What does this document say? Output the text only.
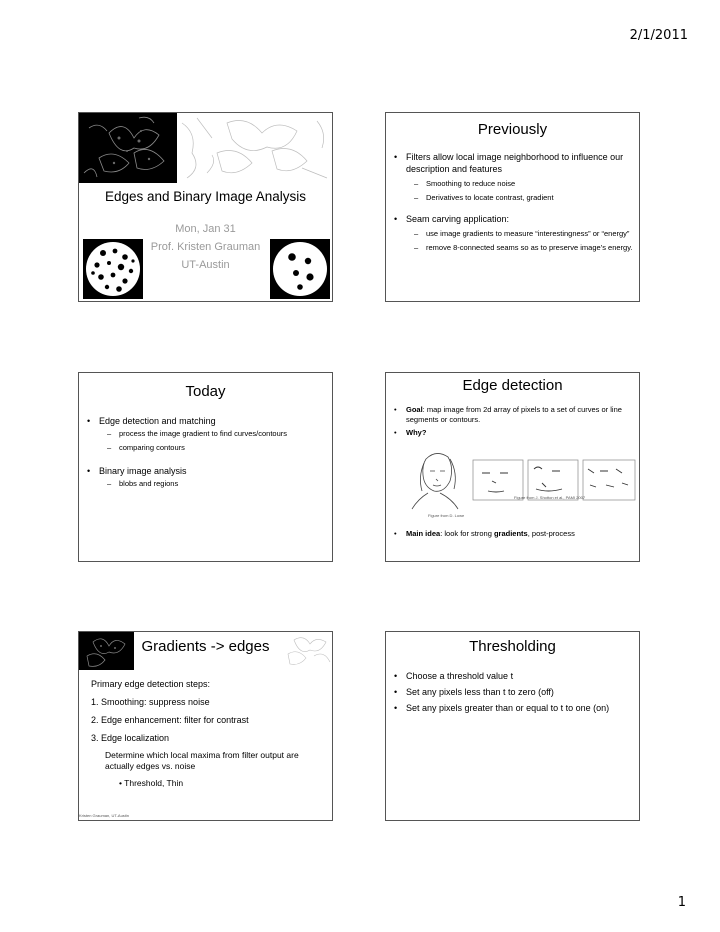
2/1/2011
Edges and Binary Image Analysis
Mon, Jan 31
Prof. Kristen Grauman
UT-Austin
Previously
• Filters allow local image neighborhood to influence our description and features
– Smoothing to reduce noise
– Derivatives to locate contrast, gradient
• Seam carving application:
– use image gradients to measure “interestingness” or “energy”
– remove 8-connected seams so as to preserve image’s energy.
Today
• Edge detection and matching
– process the image gradient to find curves/contours
– comparing contours
• Binary image analysis
– blobs and regions
Edge detection
• Goal: map image from 2d array of pixels to a set of curves or line segments or contours.
• Why?
Figure from J. Shotton et al., PAMI 2007
Figure from D. Lowe
• Main idea: look for strong gradients, post-process
Gradients -> edges
Primary edge detection steps:
1. Smoothing: suppress noise
2. Edge enhancement: filter for contrast
3. Edge localization
Determine which local maxima from filter output are actually edges vs. noise
• Threshold, Thin
Kristen Grauman, UT-Austin
Thresholding
• Choose a threshold value t
• Set any pixels less than t to zero (off)
• Set any pixels greater than or equal to t to one (on)
1
